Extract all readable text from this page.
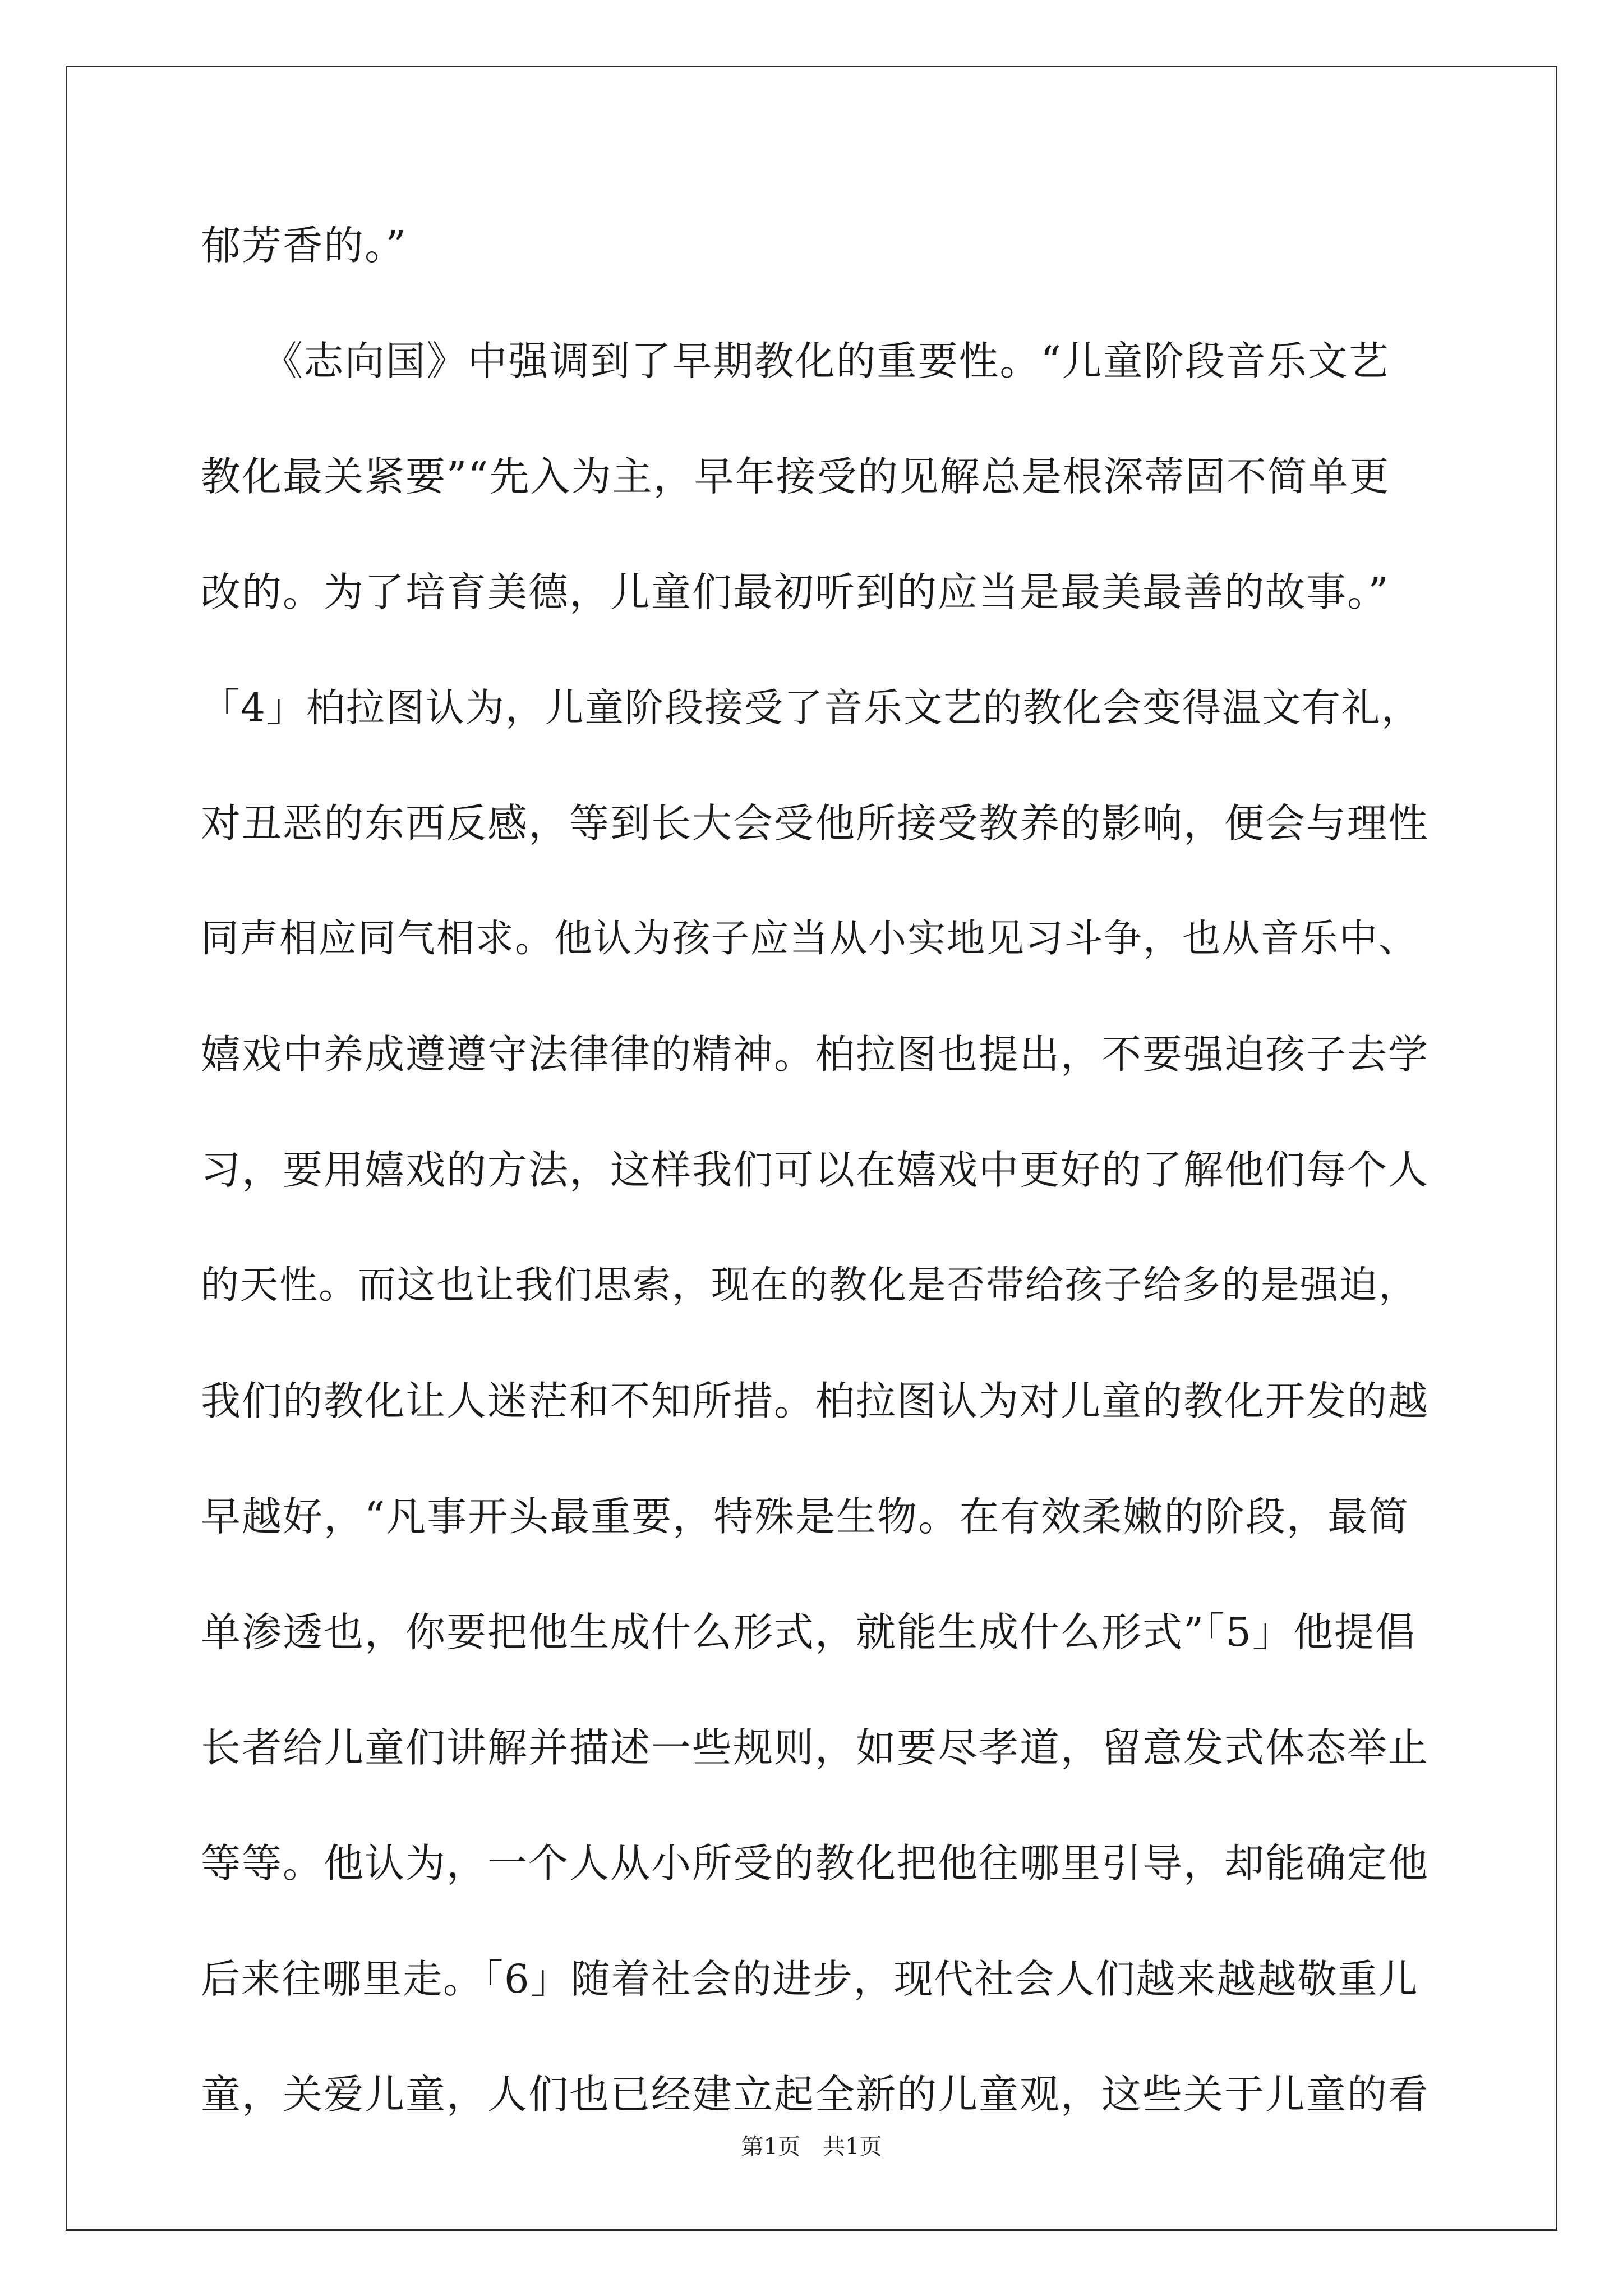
郁芳香的。”
　　《志向国》中强调到了早期教化的重要性。“儿童阶段音乐文艺
教化最关紧要”“先入为主，早年接受的见解总是根深蒂固不简单更
改的。为了培育美德，儿童们最初听到的应当是最美最善的故事。”
「4」柏拉图认为，儿童阶段接受了音乐文艺的教化会变得温文有礼，
对丑恶的东西反感，等到长大会受他所接受教养的影响，便会与理性
同声相应同气相求。他认为孩子应当从小实地见习斗争，也从音乐中、
嬉戏中养成遵遵守法律律的精神。柏拉图也提出，不要强迫孩子去学
习，要用嬉戏的方法，这样我们可以在嬉戏中更好的了解他们每个人
的天性。而这也让我们思索，现在的教化是否带给孩子给多的是强迫，
我们的教化让人迷茫和不知所措。柏拉图认为对儿童的教化开发的越
早越好，“凡事开头最重要，特殊是生物。在有效柔嫩的阶段，最简
单渗透也，你要把他生成什么形式，就能生成什么形式”「5」他提倡
长者给儿童们讲解并描述一些规则，如要尽孝道，留意发式体态举止
等等。他认为，一个人从小所受的教化把他往哪里引导，却能确定他
后来往哪里走。「6」随着社会的进步，现代社会人们越来越越敬重儿
童，关爱儿童，人们也已经建立起全新的儿童观，这些关于儿童的看
第1页　共1页
